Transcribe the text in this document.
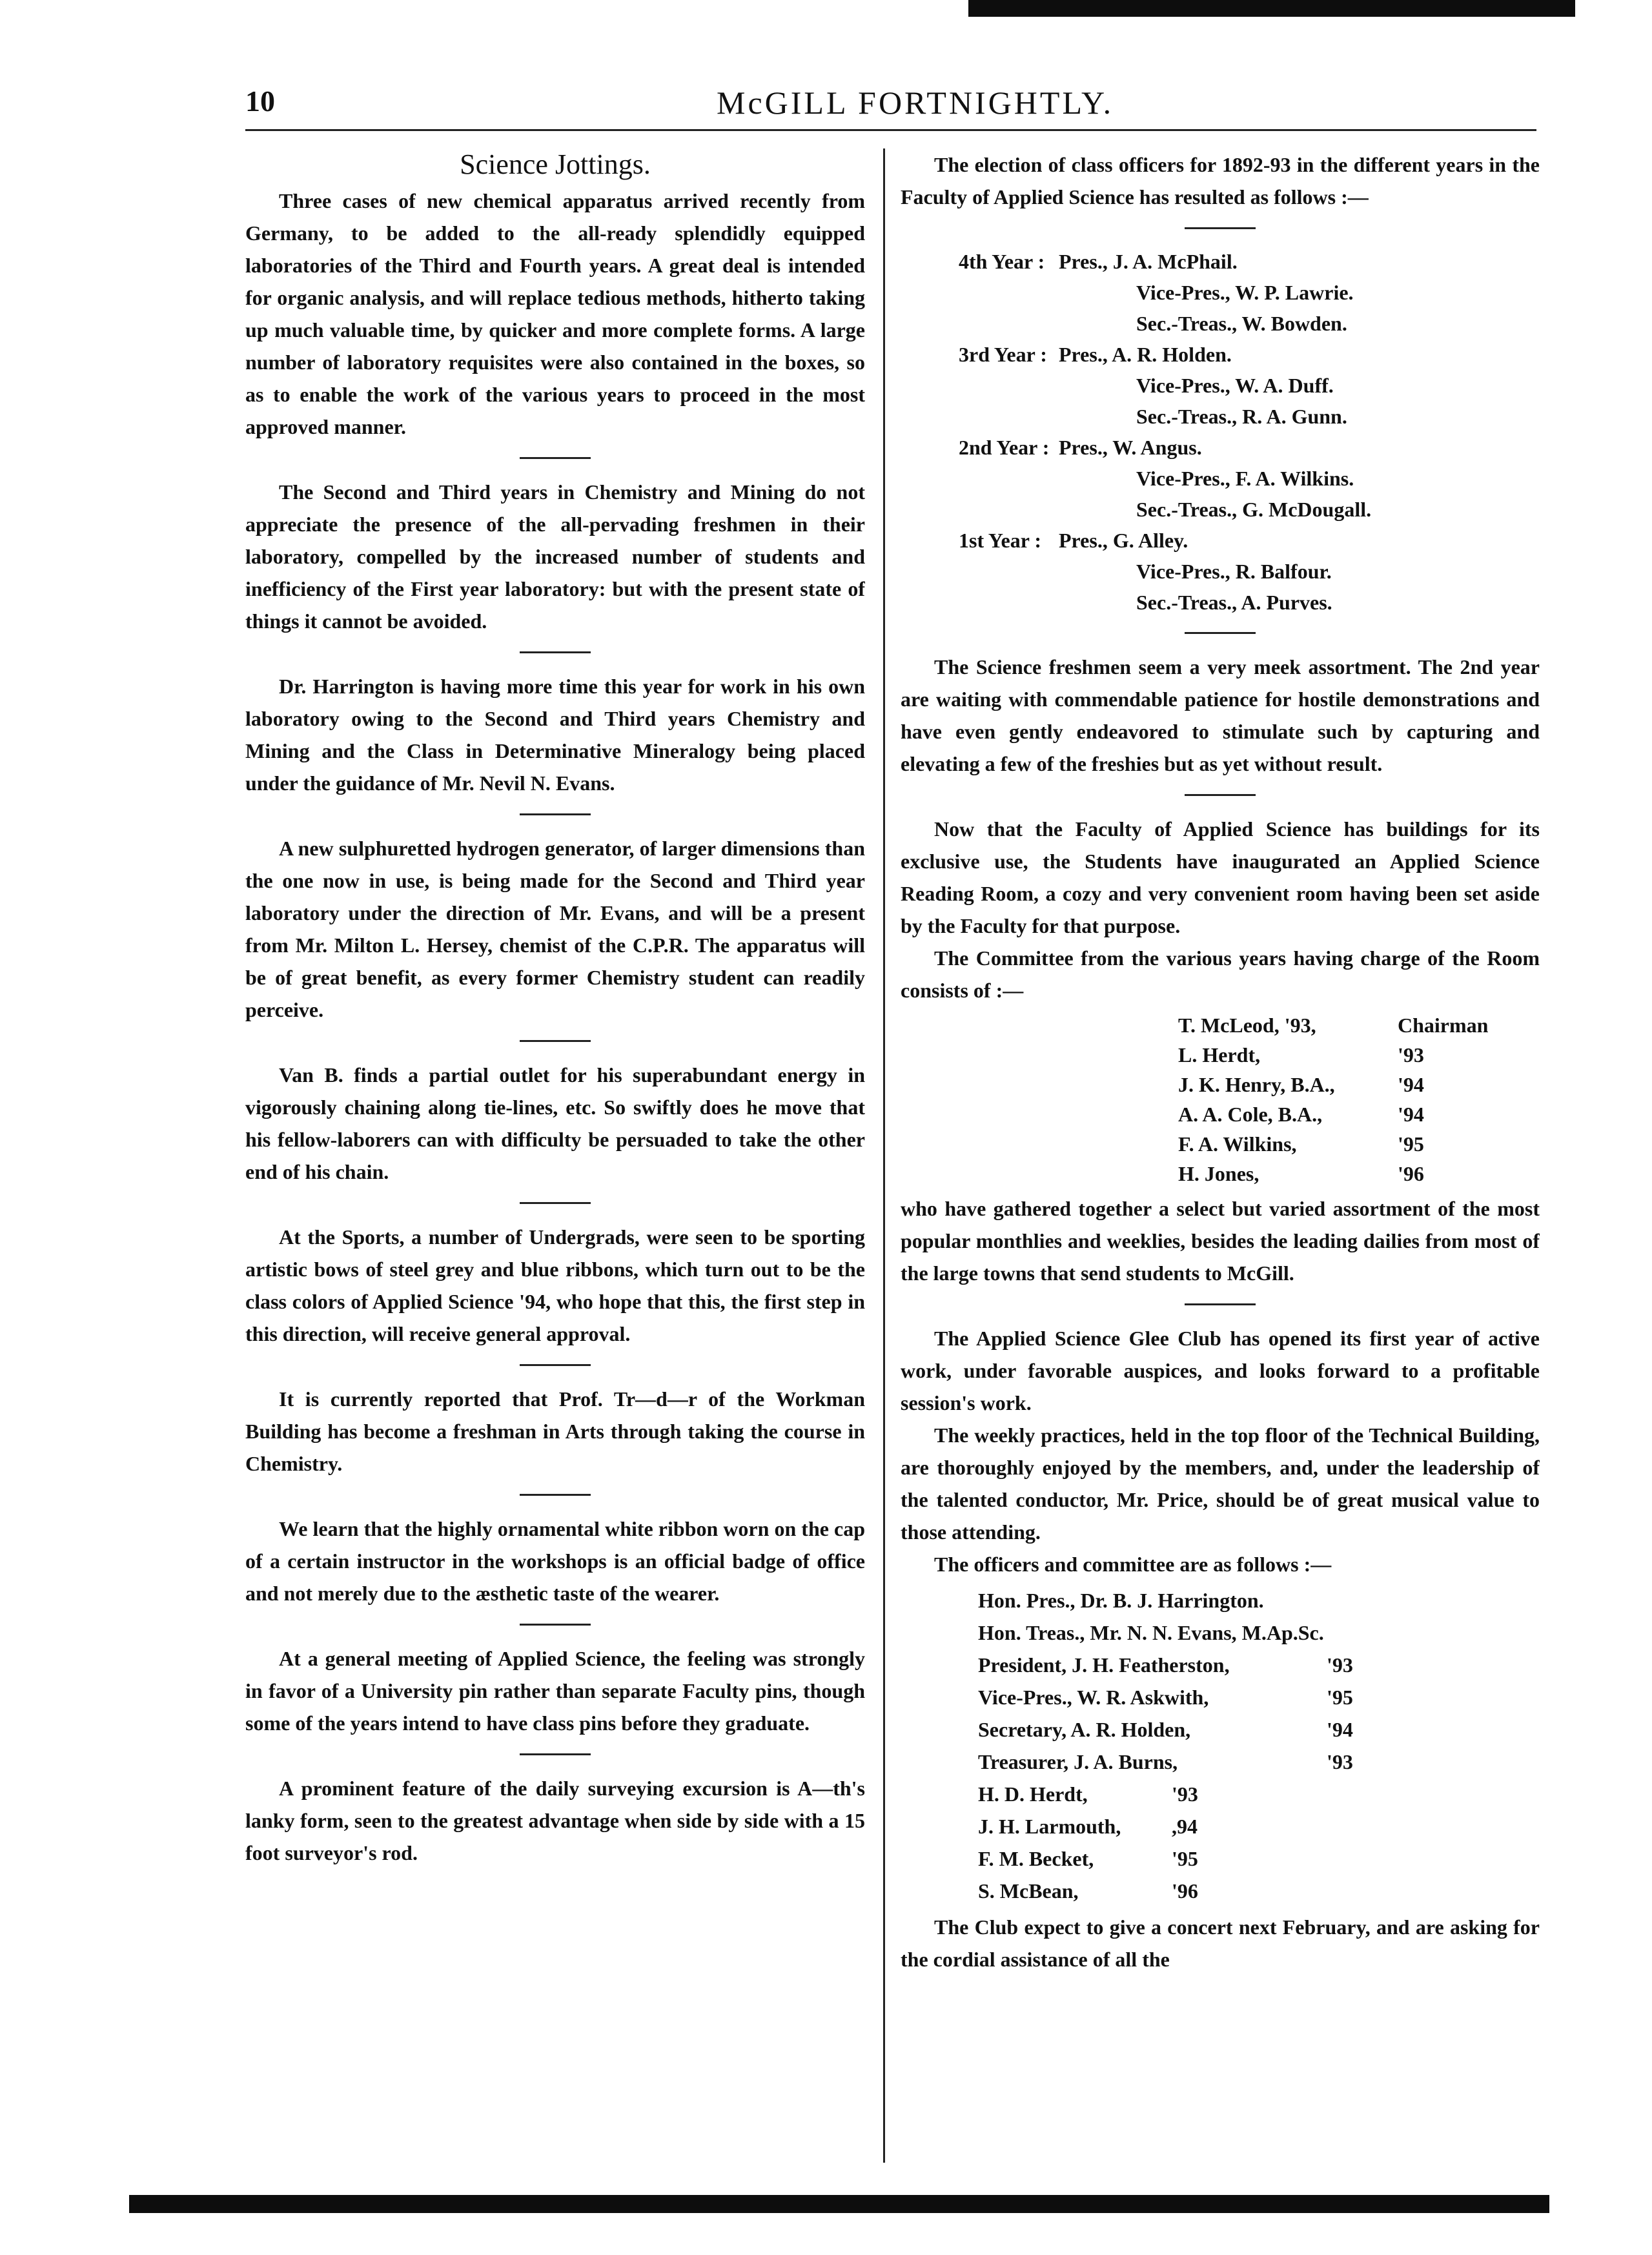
10	McGILL FORTNIGHTLY.
Science Jottings.

Three cases of new chemical apparatus arrived recently from Germany, to be added to the all-ready splendidly equipped laboratories of the Third and Fourth years. A great deal is intended for organic analysis, and will replace tedious methods, hitherto taking up much valuable time, by quicker and more complete forms. A large number of laboratory requisites were also contained in the boxes, so as to enable the work of the various years to proceed in the most approved manner.

The Second and Third years in Chemistry and Mining do not appreciate the presence of the all-pervading freshmen in their laboratory, compelled by the increased number of students and inefficiency of the First year laboratory: but with the present state of things it cannot be avoided.

Dr. Harrington is having more time this year for work in his own laboratory owing to the Second and Third years Chemistry and Mining and the Class in Determinative Mineralogy being placed under the guidance of Mr. Nevil N. Evans.

A new sulphuretted hydrogen generator, of larger dimensions than the one now in use, is being made for the Second and Third year laboratory under the direction of Mr. Evans, and will be a present from Mr. Milton L. Hersey, chemist of the C.P.R. The apparatus will be of great benefit, as every former Chemistry student can readily perceive.

Van B. finds a partial outlet for his superabundant energy in vigorously chaining along tie-lines, etc. So swiftly does he move that his fellow-laborers can with difficulty be persuaded to take the other end of his chain.

At the Sports, a number of Undergrads, were seen to be sporting artistic bows of steel grey and blue ribbons, which turn out to be the class colors of Applied Science '94, who hope that this, the first step in this direction, will receive general approval.

It is currently reported that Prof. Tr—d—r of the Workman Building has become a freshman in Arts through taking the course in Chemistry.

We learn that the highly ornamental white ribbon worn on the cap of a certain instructor in the workshops is an official badge of office and not merely due to the æsthetic taste of the wearer.

At a general meeting of Applied Science, the feeling was strongly in favor of a University pin rather than separate Faculty pins, though some of the years intend to have class pins before they graduate.

A prominent feature of the daily surveying excursion is A—th's lanky form, seen to the greatest advantage when side by side with a 15 foot surveyor's rod.

The election of class officers for 1892-93 in the different years in the Faculty of Applied Science has resulted as follows :—

4th Year : Pres., J. A. McPhail.
Vice-Pres., W. P. Lawrie.
Sec.-Treas., W. Bowden.
3rd Year : Pres., A. R. Holden.
Vice-Pres., W. A. Duff.
Sec.-Treas., R. A. Gunn.
2nd Year : Pres., W. Angus.
Vice-Pres., F. A. Wilkins.
Sec.-Treas., G. McDougall.
1st Year : Pres., G. Alley.
Vice-Pres., R. Balfour.
Sec.-Treas., A. Purves.

The Science freshmen seem a very meek assortment. The 2nd year are waiting with commendable patience for hostile demonstrations and have even gently endeavored to stimulate such by capturing and elevating a few of the freshies but as yet without result.

Now that the Faculty of Applied Science has buildings for its exclusive use, the Students have inaugurated an Applied Science Reading Room, a cozy and very convenient room having been set aside by the Faculty for that purpose.

The Committee from the various years having charge of the Room consists of :—

T. McLeod, '93,	Chairman
L. Herdt,	'93
J. K. Henry, B.A.,	'94
A. A. Cole, B.A.,	'94
F. A. Wilkins,	'95
H. Jones,	'96

who have gathered together a select but varied assortment of the most popular monthlies and weeklies, besides the leading dailies from most of the large towns that send students to McGill.

The Applied Science Glee Club has opened its first year of active work, under favorable auspices, and looks forward to a profitable session's work.

The weekly practices, held in the top floor of the Technical Building, are thoroughly enjoyed by the members, and, under the leadership of the talented conductor, Mr. Price, should be of great musical value to those attending.

The officers and committee are as follows :—

Hon. Pres., Dr. B. J. Harrington.
Hon. Treas., Mr. N. N. Evans, M.Ap.Sc.
President, J. H. Featherston,	'93
Vice-Pres., W. R. Askwith,	'95
Secretary, A. R. Holden,	'94
Treasurer, J. A. Burns,	'93
H. D. Herdt,	'93
J. H. Larmouth,	,94
F. M. Becket,	'95
S. McBean,	'96

The Club expect to give a concert next February, and are asking for the cordial assistance of all the
